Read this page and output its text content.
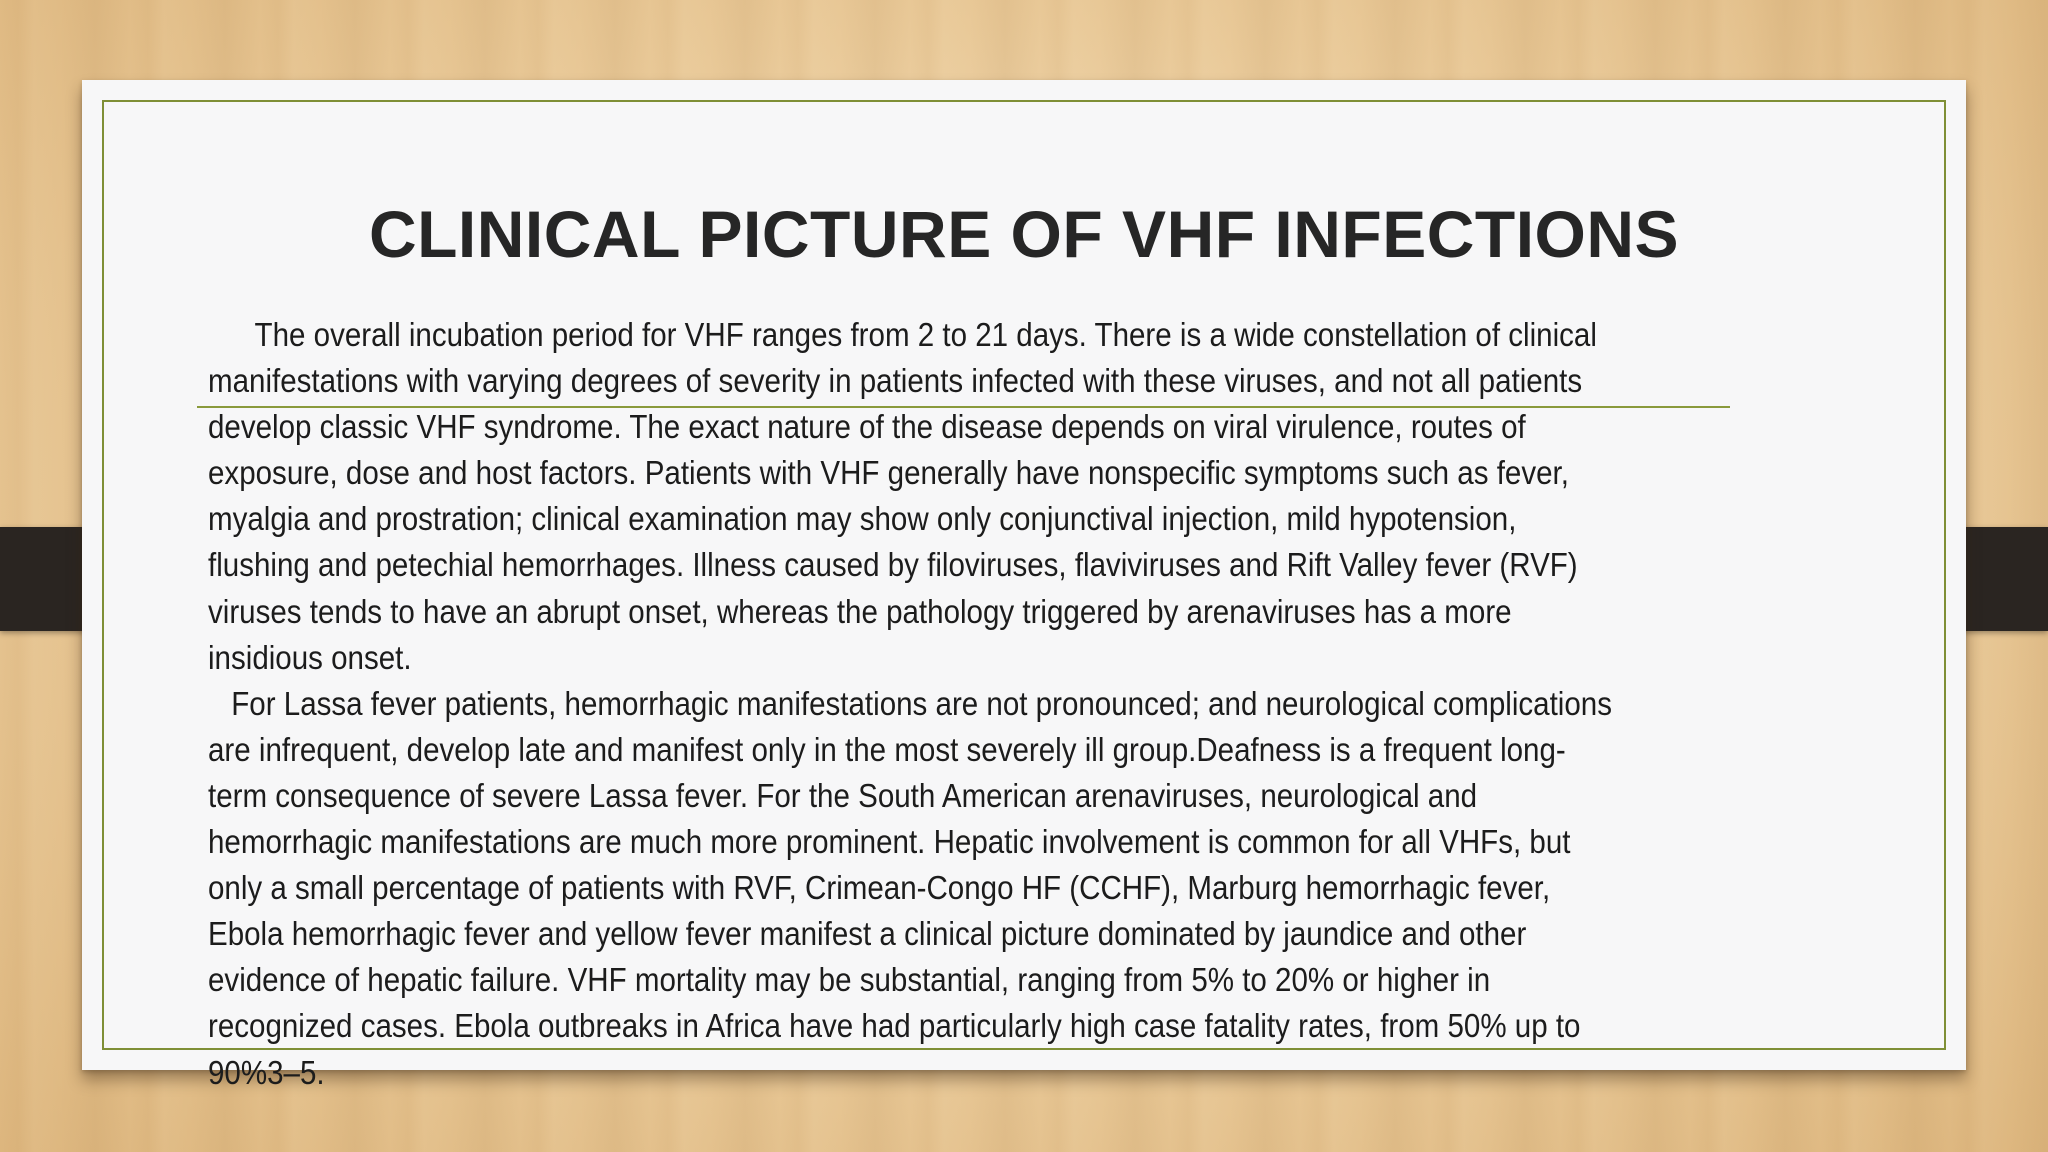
CLINICAL PICTURE OF VHF INFECTIONS

The overall incubation period for VHF ranges from 2 to 21 days. There is a wide constellation of clinical manifestations with varying degrees of severity in patients infected with these viruses, and not all patients develop classic VHF syndrome. The exact nature of the disease depends on viral virulence, routes of exposure, dose and host factors. Patients with VHF generally have nonspecific symptoms such as fever, myalgia and prostration; clinical examination may show only conjunctival injection, mild hypotension, flushing and petechial hemorrhages. Illness caused by filoviruses, flaviviruses and Rift Valley fever (RVF) viruses tends to have an abrupt onset, whereas the pathology triggered by arenaviruses has a more insidious onset.

For Lassa fever patients, hemorrhagic manifestations are not pronounced; and neurological complications are infrequent, develop late and manifest only in the most severely ill group.Deafness is a frequent long-term consequence of severe Lassa fever. For the South American arenaviruses, neurological and hemorrhagic manifestations are much more prominent. Hepatic involvement is common for all VHFs, but only a small percentage of patients with RVF, Crimean-Congo HF (CCHF), Marburg hemorrhagic fever, Ebola hemorrhagic fever and yellow fever manifest a clinical picture dominated by jaundice and other evidence of hepatic failure. VHF mortality may be substantial, ranging from 5% to 20% or higher in recognized cases. Ebola outbreaks in Africa have had particularly high case fatality rates, from 50% up to 90%3–5.
